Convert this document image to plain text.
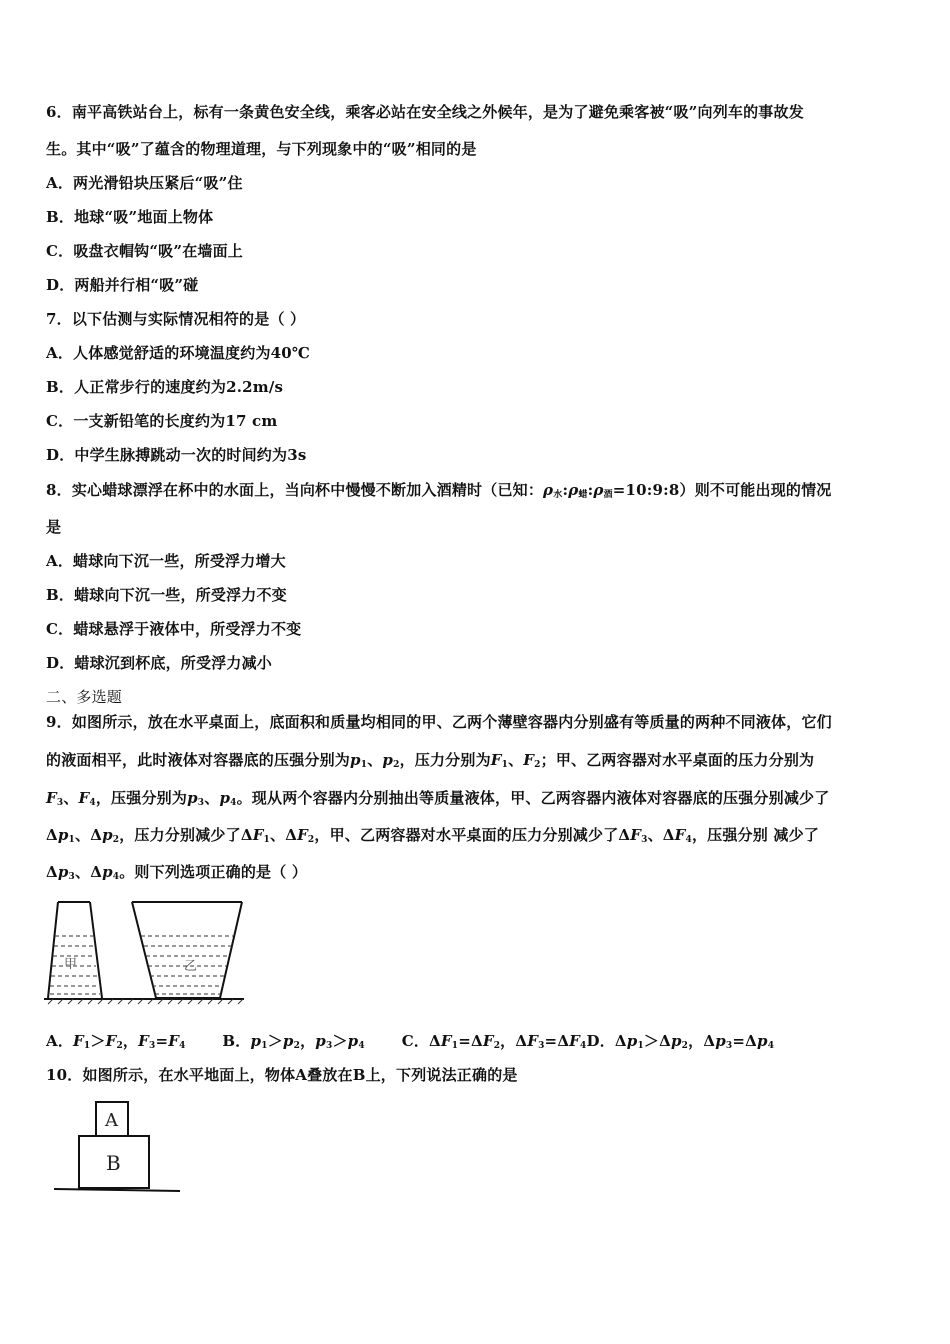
6．南平高铁站台上，标有一条黄色安全线，乘客必站在安全线之外候年，是为了避免乘客被“吸”向列车的事故发
生。其中“吸”了蕴含的物理道理，与下列现象中的“吸”相同的是
A．两光滑铅块压紧后“吸”住
B．地球“吸”地面上物体
C．吸盘衣帽钩“吸”在墙面上
D．两船并行相“吸”碰
7．以下估测与实际情况相符的是（ ）
A．人体感觉舒适的环境温度约为40℃
B．人正常步行的速度约为2.2m/s
C．一支新铅笔的长度约为17 cm
D．中学生脉搏跳动一次的时间约为3s
8．实心蜡球漂浮在杯中的水面上，当向杯中慢慢不断加入酒精时（已知：$\rho_水:\rho_蜡:\rho_酒=10:9:8$）则不可能出现的情况
是
A．蜡球向下沉一些，所受浮力增大
B．蜡球向下沉一些，所受浮力不变
C．蜡球悬浮于液体中，所受浮力不变
D．蜡球沉到杯底，所受浮力减小
二、多选题
9．如图所示，放在水平桌面上，底面积和质量均相同的甲、乙两个薄壁容器内分别盛有等质量的两种不同液体，它们
的液面相平，此时液体对容器底的压强分别为$p_1$、$p_2$，压力分别为$F_1$、$F_2$；甲、乙两容器对水平桌面的压力分别为
$F_3$、$F_4$，压强分别为$p_3$、$p_4$。现从两个容器内分别抽出等质量液体，甲、乙两容器内液体对容器底的压强分别减少了
$\Delta p_1$、$\Delta p_2$，压力分别减少了$\Delta F_1$、$\Delta F_2$，甲、乙两容器对水平桌面的压力分别减少了$\Delta F_3$、$\Delta F_4$，压强分别 减少了
$\Delta p_3$、$\Delta p_4$。则下列选项正确的是（ ）
甲	乙
A．$F_1>F_2$，$F_3=F_4$ B．$p_1>p_2$，$p_3>p_4$ C．$\Delta F_1=\Delta F_2$，$\Delta F_3=\Delta F_4D$．$\Delta p_1>\Delta p_2$，$\Delta p_3=\Delta p_4$
10．如图所示，在水平地面上，物体A叠放在B上，下列说法正确的是
A
B
